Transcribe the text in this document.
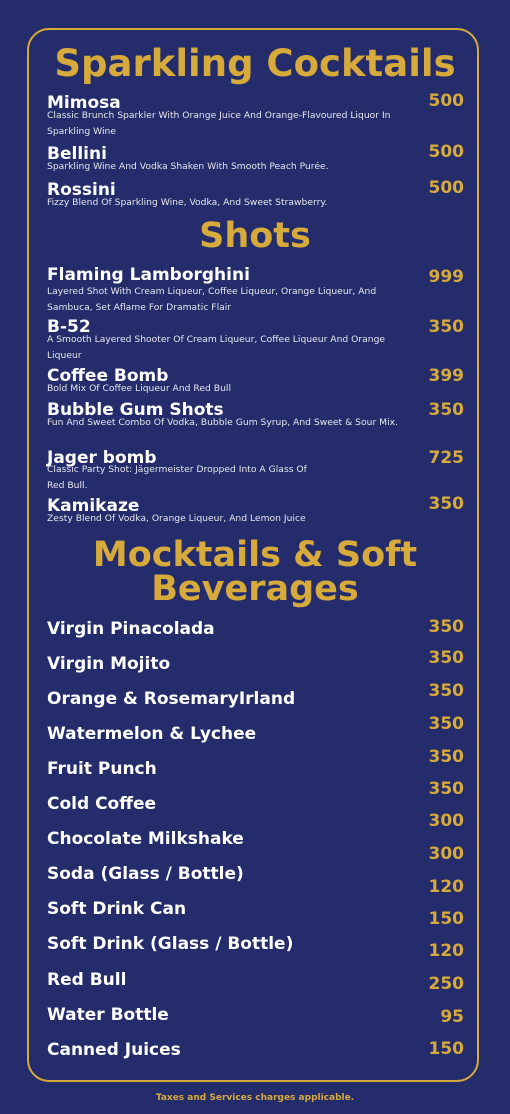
Sparkling Cocktails
Mimosa
Classic Brunch Sparkler With Orange Juice And Orange-Flavoured Liquor In Sparkling Wine
500
Bellini
Sparkling Wine And Vodka Shaken With Smooth Peach Purée.
500
Rossini
Fizzy Blend Of Sparkling Wine, Vodka, And Sweet Strawberry.
500
Shots
Flaming Lamborghini
Layered Shot With Cream Liqueur, Coffee Liqueur, Orange Liqueur, And Sambuca, Set Aflame For Dramatic Flair
999
B-52
A Smooth Layered Shooter Of Cream Liqueur, Coffee Liqueur And Orange Liqueur
350
Coffee Bomb
Bold Mix Of Coffee Liqueur And Red Bull
399
Bubble Gum Shots
Fun And Sweet Combo Of Vodka, Bubble Gum Syrup, And Sweet & Sour Mix.
350
Jager bomb
Classic Party Shot: Jägermeister Dropped Into A Glass Of Red Bull.
725
Kamikaze
Zesty Blend Of Vodka, Orange Liqueur, And Lemon Juice
350
Mocktails & Soft
Beverages
Virgin Pinacolada
Virgin Mojito
Orange & RosemaryIrland
Watermelon & Lychee
Fruit Punch
Cold Coffee
Chocolate Milkshake
Soda (Glass / Bottle)
Soft Drink Can
Soft Drink (Glass / Bottle)
Red Bull
Water Bottle
Canned Juices
350
350
350
350
350
350
300
300
120
150
120
250
95
150
Taxes and Services charges applicable.
